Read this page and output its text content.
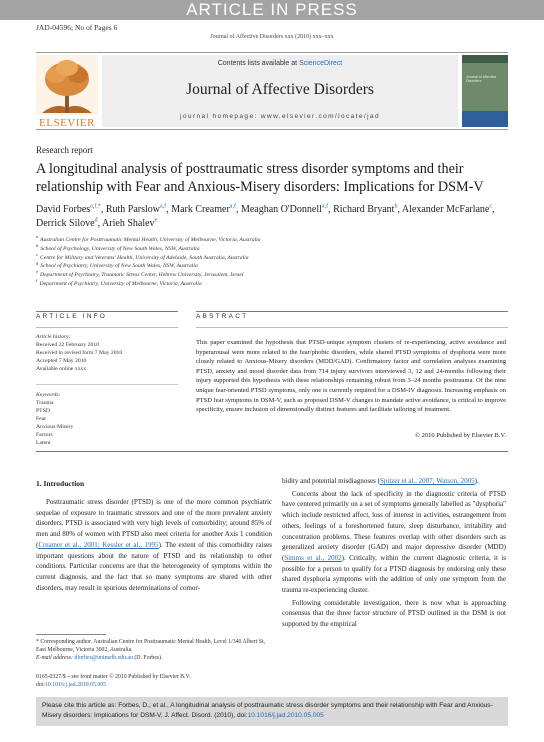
ARTICLE IN PRESS
JAD-04596; No of Pages 6
Journal of Affective Disorders xxx (2010) xxx–xxx
ELSEVIER
Contents lists available at ScienceDirect
Journal of Affective Disorders
journal homepage: www.elsevier.com/locate/jad
Journal of Affective Disorders
Research report
A longitudinal analysis of posttraumatic stress disorder symptoms and their relationship with Fear and Anxious-Misery disorders: Implications for DSM-V
David Forbes$^{a,f,*}$, Ruth Parslow$^{a,f}$, Mark Creamer$^{a,f}$, Meaghan O'Donnell$^{a,f}$, Richard Bryant$^b$, Alexander McFarlane$^c$, Derrick Silove$^d$, Arieh Shalev$^e$
$^a$Australian Centre for Posttraumatic Mental Health, University of Melbourne, Victoria, Australia
$^b$School of Psychology, University of New South Wales, NSW, Australia
$^c$Centre for Military and Veterans' Health, University of Adelaide, South Australia, Australia
$^d$School of Psychiatry, University of New South Wales, NSW, Australia
$^e$Department of Psychiatry, Traumatic Stress Center, Hebrew University, Jerusalem, Israel
$^f$Department of Psychiatry, University of Melbourne, Victoria, Australia
ARTICLE INFO	ABSTRACT
Article history:
Received 22 February 2010
Received in revised form 7 May 2010
Accepted 7 May 2010
Available online xxxx
Keywords:
Trauma
PTSD
Fear
Anxious-Misery
Factors
Latent
This paper examined the hypothesis that PTSD-unique symptom clusters of re-experiencing, active avoidance and hyperarousal were more related to the fear/phobic disorders, while shared PTSD symptoms of dysphoria were more closely related to Anxious-Misery disorders (MDD/GAD). Confirmatory factor and correlation analyses examining PTSD, anxiety and mood disorder data from 714 injury survivors interviewed 3, 12 and 24-months following their injury supported this hypothesis with these relationships remaining robust from 3–24 months posttrauma. Of the nine unique fear-oriented PTSD symptoms, only one is currently required for a DSM-IV diagnosis. Increasing emphasis on PTSD fear symptoms in DSM-V, such as proposed DSM-V changes to mandate active avoidance, is critical to improve specificity, ensure inclusion of dimensionally distinct features and facilitate tailoring of treatment.
© 2010 Published by Elsevier B.V.
1. Introduction

Posttraumatic stress disorder (PTSD) is one of the more common psychiatric sequelae of exposure to traumatic stressors and one of the more prevalent anxiety disorders. PTSD is associated with very high levels of comorbidity; around 85% of men and 80% of women with PTSD also meet criteria for another Axis 1 condition (Creamer et al., 2001; Kessler et al., 1995). The extent of this comorbidity raises important questions about the nature of PTSD and its relationship to other conditions. Particular concerns are that the heterogeneity of symptoms within the current diagnosis, and the fact that so many symptoms are shared with other disorders, may result in spurious determinations of comor-

bidity and potential misdiagnoses (Spitzer et al., 2007; Watson, 2005).

Concerns about the lack of specificity in the diagnostic criteria of PTSD have centered primarily on a set of symptoms generally labelled as "dysphoria" which include restricted affect, loss of interest in activities, estrangement from others, feelings of a foreshortened future, sleep disturbance, irritability and concentration problems. These features overlap with other disorders such as generalized anxiety disorder (GAD) and major depressive disorder (MDD) (Simms et al., 2002). Critically, within the current diagnostic criteria, it is possible for a person to qualify for a PTSD diagnosis by endorsing only these shared dysphoria symptoms with the addition of only one symptom from the trauma re-experiencing cluster.

Following considerable investigation, there is now what is approaching consensus that the three factor structure of PTSD outlined in the DSM is not supported by the empirical

* Corresponding author. Australian Centre for Posttraumatic Mental Health, Level 1/340 Albert St, East Melbourne, Victoria 3002, Australia.
E-mail address: dforbes@unimelb.edu.au (D. Forbes).
0165-0327/$ – see front matter © 2010 Published by Elsevier B.V.
doi:10.1016/j.jad.2010.05.005
Please cite this article as: Forbes, D., et al., A longitudinal analysis of posttraumatic stress disorder symptoms and their relationship with Fear and Anxious-Misery disorders: Implications for DSM-V, J. Affect. Disord. (2010), doi:10.1016/j.jad.2010.05.005
